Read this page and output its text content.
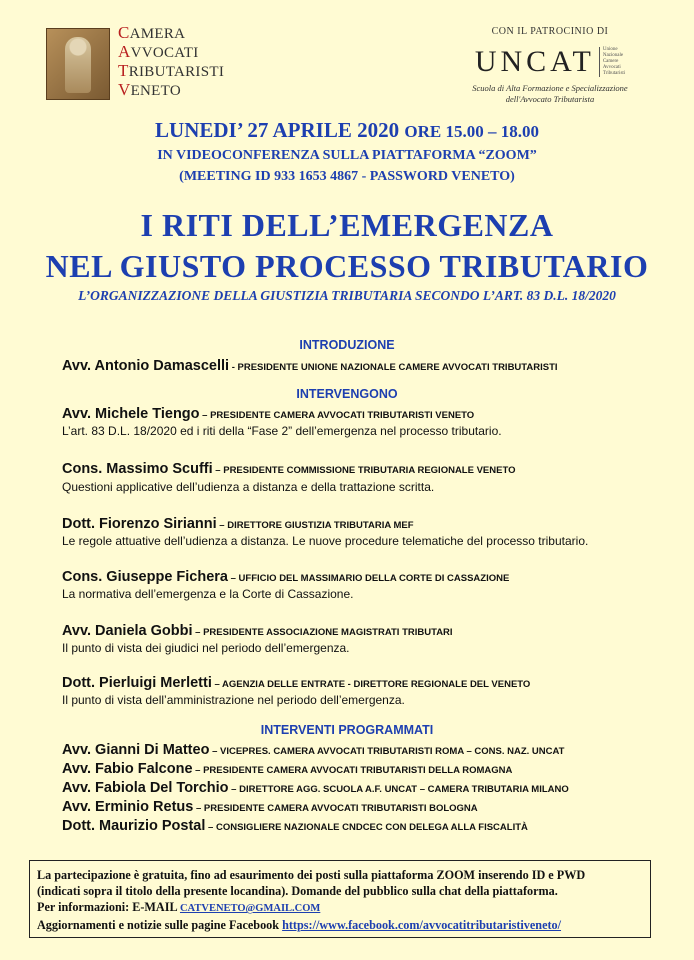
CAMERA
AVVOCATI
TRIBUTARISTI
VENETO
CON IL PATROCINIO DI
UNCAT Unione
Nazionale
Camere
Avvocati
Tributaristi
Scuola di Alta Formazione e Specializzazione
dell'Avvocato Tributarista
LUNEDI’ 27 APRILE 2020 ORE 15.00 – 18.00
IN VIDEOCONFERENZA SULLA PIATTAFORMA “ZOOM”
(MEETING ID 933 1653 4867 - PASSWORD VENETO)
I RITI DELL’EMERGENZA
NEL GIUSTO PROCESSO TRIBUTARIO
L’ORGANIZZAZIONE DELLA GIUSTIZIA TRIBUTARIA SECONDO L’ART. 83 D.L. 18/2020
INTRODUZIONE
Avv. Antonio Damascelli - PRESIDENTE UNIONE NAZIONALE CAMERE AVVOCATI TRIBUTARISTI
INTERVENGONO
Avv. Michele Tiengo – PRESIDENTE CAMERA AVVOCATI TRIBUTARISTI VENETO
L’art. 83 D.L. 18/2020 ed i riti della “Fase 2” dell’emergenza nel processo tributario.
Cons. Massimo Scuffi – PRESIDENTE COMMISSIONE TRIBUTARIA REGIONALE VENETO
Questioni applicative dell’udienza a distanza e della trattazione scritta.
Dott. Fiorenzo Sirianni – DIRETTORE GIUSTIZIA TRIBUTARIA MEF
Le regole attuative dell’udienza a distanza. Le nuove procedure telematiche del processo tributario.
Cons. Giuseppe Fichera – UFFICIO DEL MASSIMARIO DELLA CORTE DI CASSAZIONE
La normativa dell’emergenza e la Corte di Cassazione.
Avv. Daniela Gobbi – PRESIDENTE ASSOCIAZIONE MAGISTRATI TRIBUTARI
Il punto di vista dei giudici nel periodo dell’emergenza.
Dott. Pierluigi Merletti – AGENZIA DELLE ENTRATE - DIRETTORE REGIONALE DEL VENETO
Il punto di vista dell’amministrazione nel periodo dell’emergenza.
INTERVENTI PROGRAMMATI
Avv. Gianni Di Matteo – VICEPRES. CAMERA AVVOCATI TRIBUTARISTI ROMA – CONS. NAZ. UNCAT
Avv. Fabio Falcone – PRESIDENTE CAMERA AVVOCATI TRIBUTARISTI DELLA ROMAGNA
Avv. Fabiola Del Torchio – DIRETTORE AGG. SCUOLA A.F. UNCAT – CAMERA TRIBUTARIA MILANO
Avv. Erminio Retus – PRESIDENTE CAMERA AVVOCATI TRIBUTARISTI BOLOGNA
Dott. Maurizio Postal – CONSIGLIERE NAZIONALE CNDCEC CON DELEGA ALLA FISCALITÀ
La partecipazione è gratuita, fino ad esaurimento dei posti sulla piattaforma ZOOM inserendo ID e PWD
(indicati sopra il titolo della presente locandina). Domande del pubblico sulla chat della piattaforma.
Per informazioni: E-MAIL CATVENETO@GMAIL.COM
Aggiornamenti e notizie sulle pagine Facebook https://www.facebook.com/avvocatitributaristiveneto/
